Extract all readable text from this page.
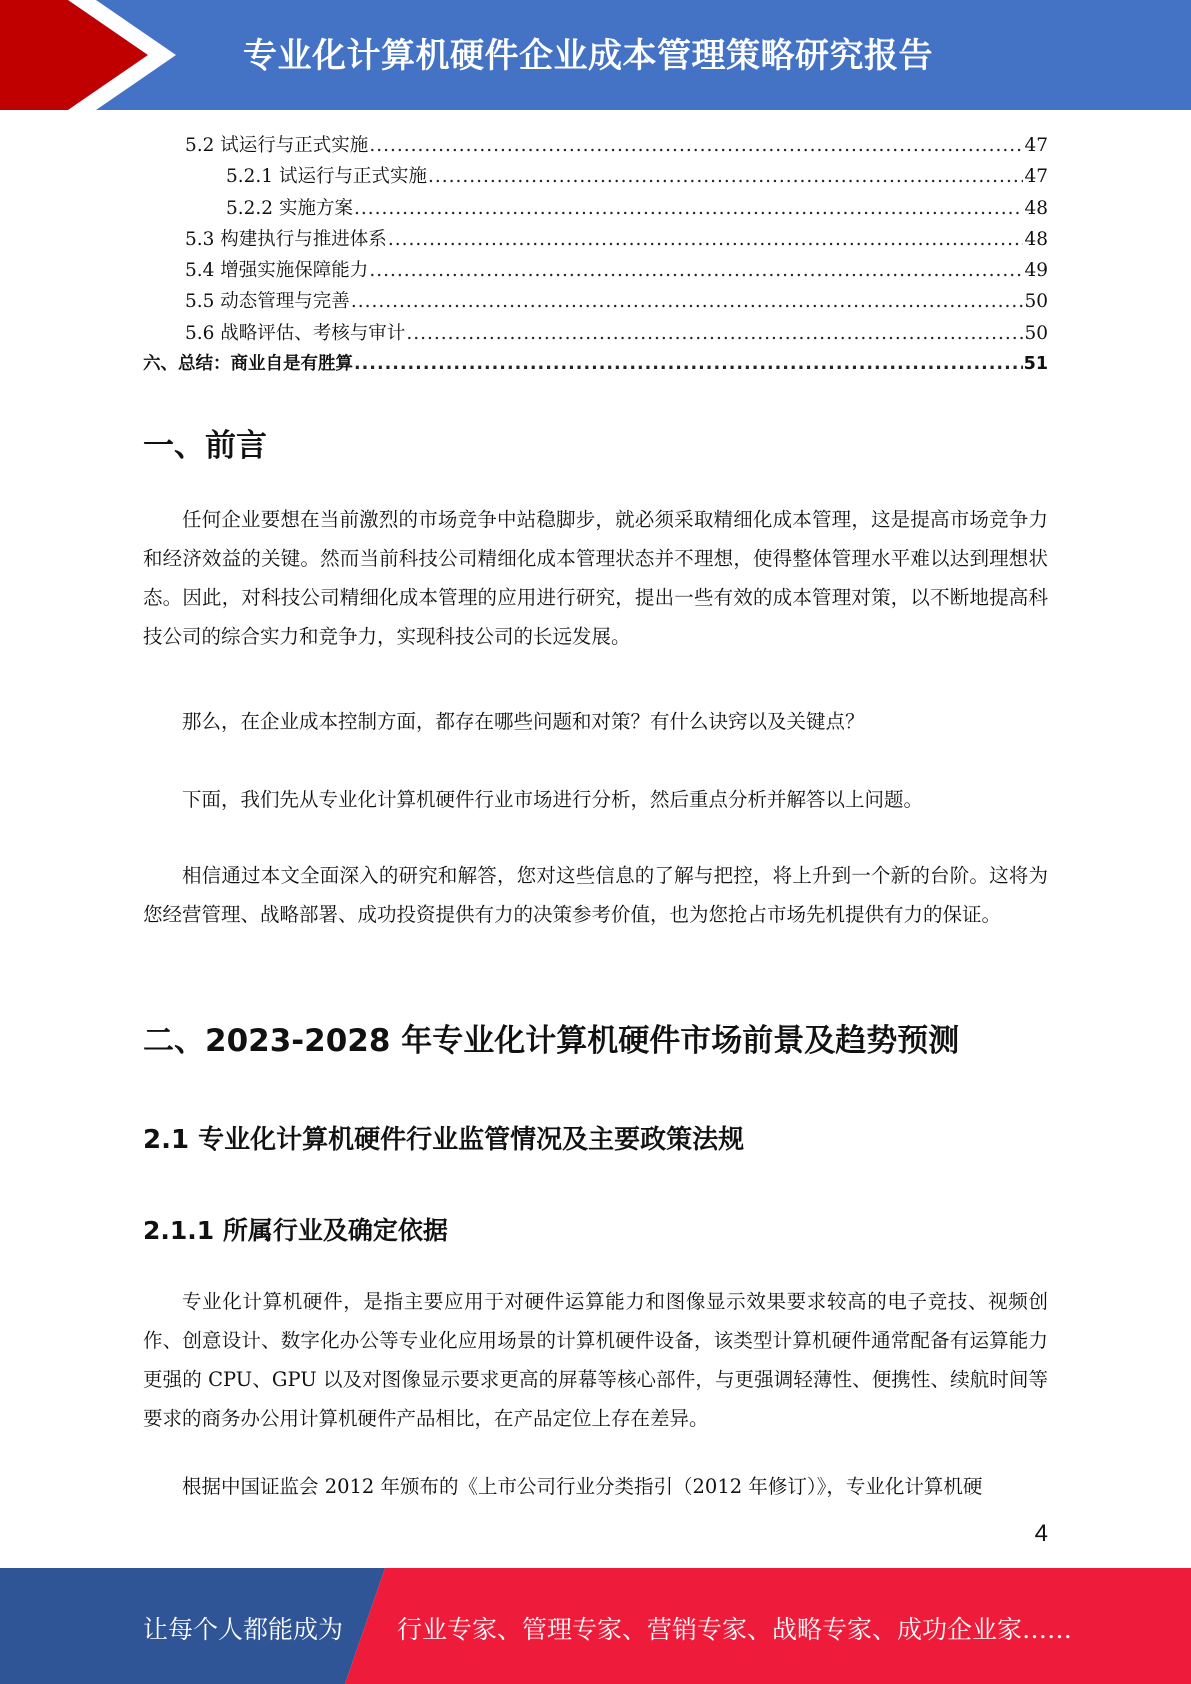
专业化计算机硬件企业成本管理策略研究报告
5.2 试运行与正式实施 .....	47
5.2.1 试运行与正式实施 .....	47
5.2.2 实施方案 .....	48
5.3 构建执行与推进体系 .....	48
5.4 增强实施保障能力 .....	49
5.5 动态管理与完善 .....	50
5.6 战略评估、考核与审计 .....	50
六、总结：商业自是有胜算 .....	51
一、前言

任何企业要想在当前激烈的市场竞争中站稳脚步，就必须采取精细化成本管理，这是提高市场竞争力和经济效益的关键。然而当前科技公司精细化成本管理状态并不理想，使得整体管理水平难以达到理想状态。因此，对科技公司精细化成本管理的应用进行研究，提出一些有效的成本管理对策，以不断地提高科技公司的综合实力和竞争力，实现科技公司的长远发展。

那么，在企业成本控制方面，都存在哪些问题和对策？有什么诀窍以及关键点？

下面，我们先从专业化计算机硬件行业市场进行分析，然后重点分析并解答以上问题。

相信通过本文全面深入的研究和解答，您对这些信息的了解与把控，将上升到一个新的台阶。这将为您经营管理、战略部署、成功投资提供有力的决策参考价值，也为您抢占市场先机提供有力的保证。

二、2023-2028 年专业化计算机硬件市场前景及趋势预测
2.1 专业化计算机硬件行业监管情况及主要政策法规
2.1.1 所属行业及确定依据

专业化计算机硬件，是指主要应用于对硬件运算能力和图像显示效果要求较高的电子竞技、视频创作、创意设计、数字化办公等专业化应用场景的计算机硬件设备，该类型计算机硬件通常配备有运算能力更强的 CPU、GPU 以及对图像显示要求更高的屏幕等核心部件，与更强调轻薄性、便携性、续航时间等要求的商务办公用计算机硬件产品相比，在产品定位上存在差异。

根据中国证监会 2012 年颁布的《上市公司行业分类指引（2012 年修订）》，专业化计算机硬

4
让每个人都能成为 行业专家、管理专家、营销专家、战略专家、成功企业家……
